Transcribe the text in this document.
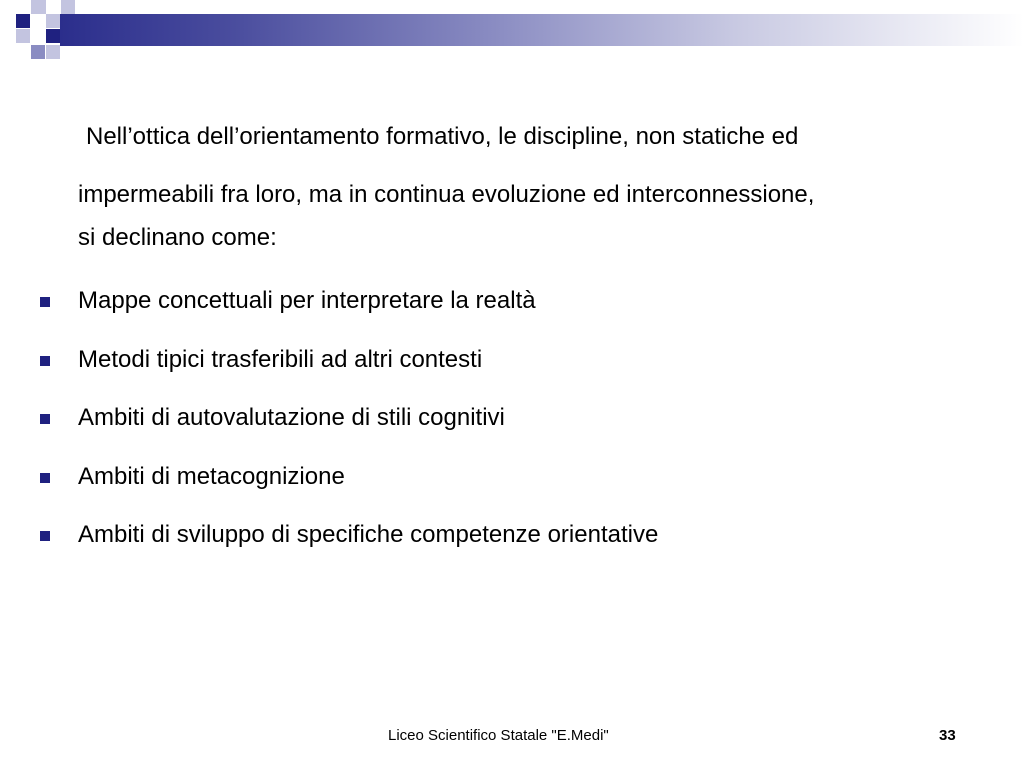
Nell’ottica dell’orientamento formativo, le discipline, non statiche ed
impermeabili fra loro, ma in continua evoluzione ed interconnessione,
si declinano come:
Mappe concettuali per interpretare la realtà
Metodi tipici trasferibili ad altri contesti
Ambiti di autovalutazione di stili cognitivi
Ambiti di metacognizione
Ambiti di sviluppo di specifiche competenze orientative
Liceo Scientifico Statale "E.Medi"	33
